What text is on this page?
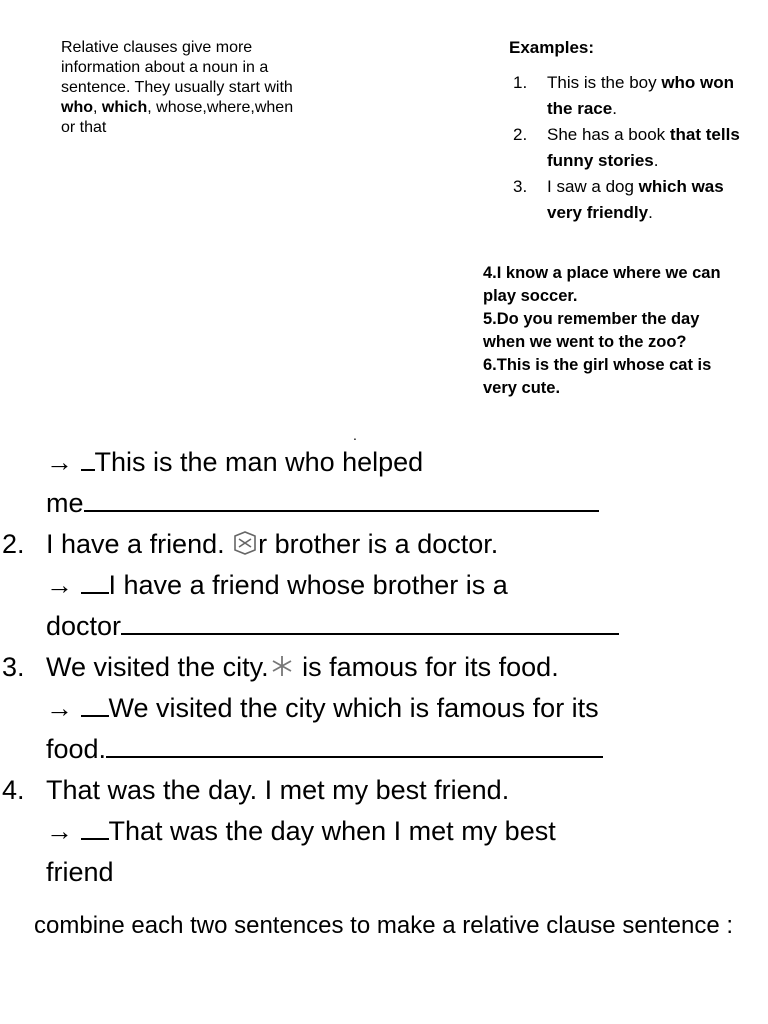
Relative clauses give more information about a noun in a sentence. They usually start with who, which, whose,where,when or that
Examples:
1. This is the boy who won the race.
2. She has a book that tells funny stories.
3. I saw a dog which was very friendly.
4.I know a place where we can play soccer.
5.Do you remember the day when we went to the zoo?
6.This is the girl whose cat is very cute.
.
→ This is the man who helped
me
2. I have a friend. r brother is a doctor.
→ I have a friend whose brother is a
doctor
3. We visited the city. is famous for its food.
→ We visited the city which is famous for its
food.
4. That was the day. I met my best friend.
→ That was the day when I met my best
friend
combine each two sentences to make a relative clause sentence :
